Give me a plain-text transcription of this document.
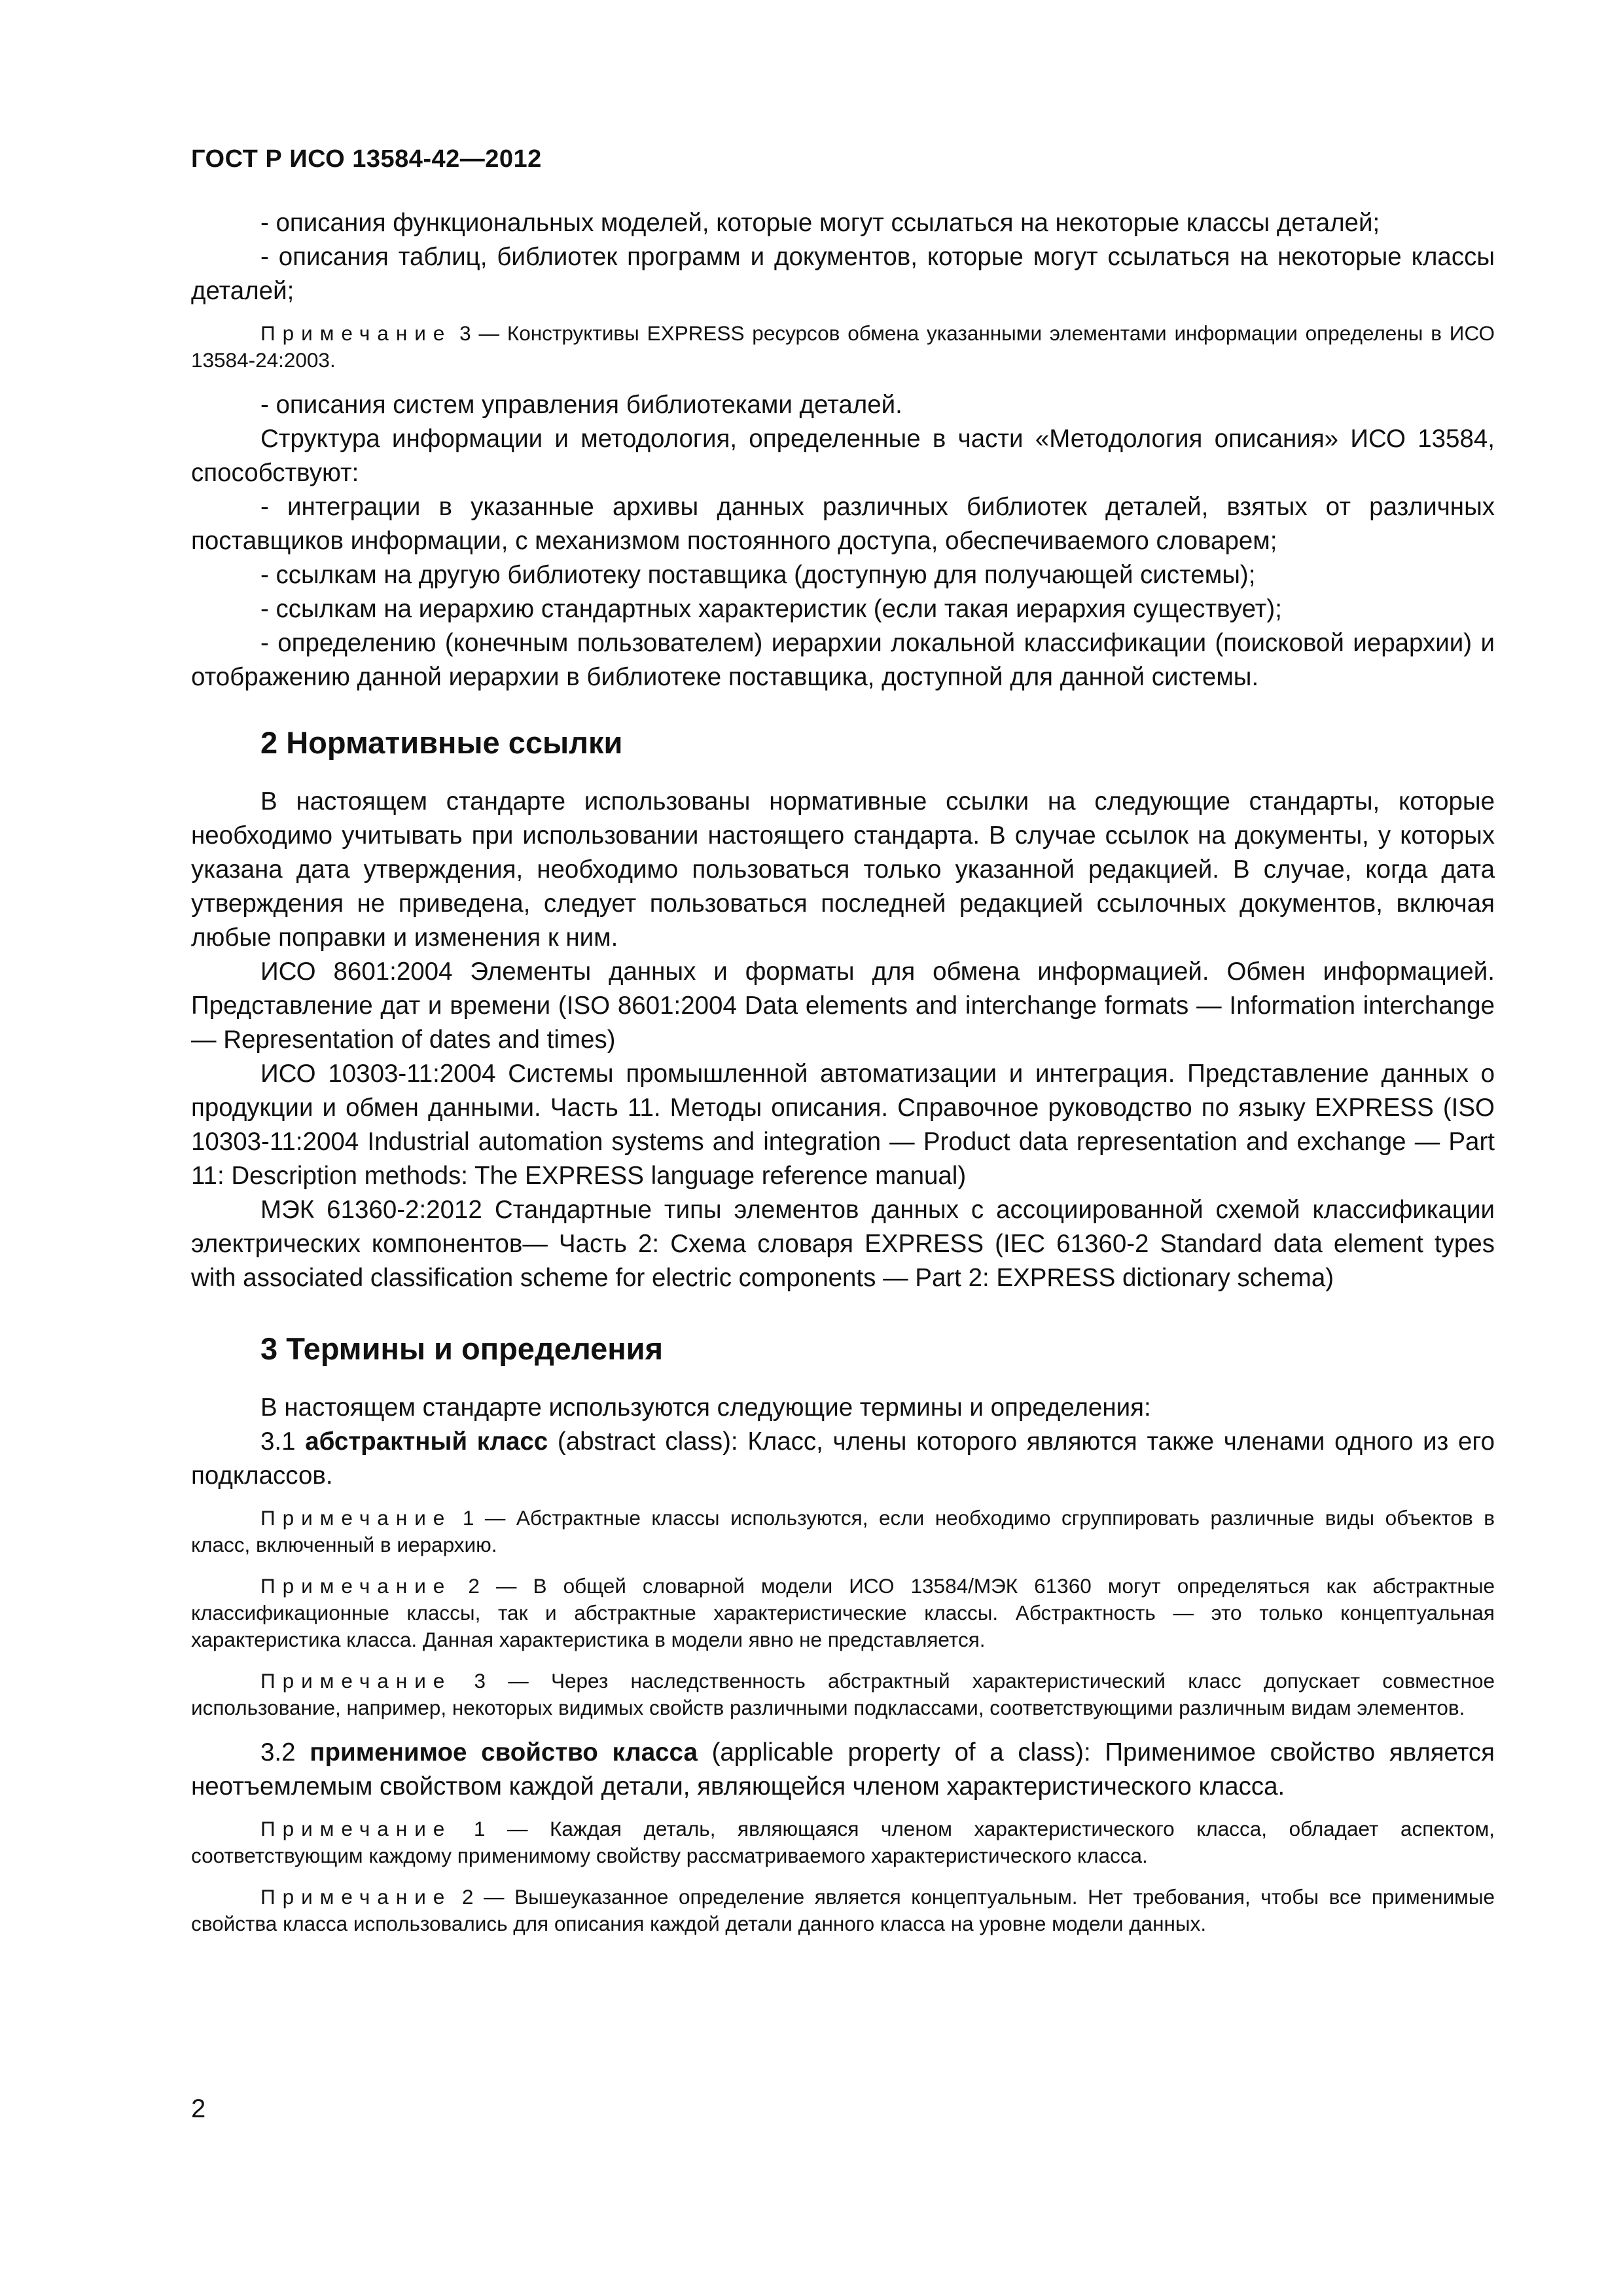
ГОСТ Р ИСО 13584-42—2012

- описания функциональных моделей, которые могут ссылаться на некоторые классы деталей;

- описания таблиц, библиотек программ и документов, которые могут ссылаться на некоторые классы деталей;

Примечание 3 — Конструктивы EXPRESS ресурсов обмена указанными элементами информации определены в ИСО 13584-24:2003.

- описания систем управления библиотеками деталей.

Структура информации и методология, определенные в части «Методология описания» ИСО 13584, способствуют:

- интеграции в указанные архивы данных различных библиотек деталей, взятых от различных поставщиков информации, с механизмом постоянного доступа, обеспечиваемого словарем;

- ссылкам на другую библиотеку поставщика (доступную для получающей системы);

- ссылкам на иерархию стандартных характеристик (если такая иерархия существует);

- определению (конечным пользователем) иерархии локальной классификации (поисковой иерархии) и отображению данной иерархии в библиотеке поставщика, доступной для данной системы.

2 Нормативные ссылки

В настоящем стандарте использованы нормативные ссылки на следующие стандарты, которые необходимо учитывать при использовании настоящего стандарта. В случае ссылок на документы, у которых указана дата утверждения, необходимо пользоваться только указанной редакцией. В случае, когда дата утверждения не приведена, следует пользоваться последней редакцией ссылочных документов, включая любые поправки и изменения к ним.

ИСО 8601:2004 Элементы данных и форматы для обмена информацией. Обмен информацией. Представление дат и времени (ISO 8601:2004 Data elements and interchange formats — Information interchange — Representation of dates and times)

ИСО 10303-11:2004 Системы промышленной автоматизации и интеграция. Представление данных о продукции и обмен данными. Часть 11. Методы описания. Справочное руководство по языку EXPRESS (ISO 10303-11:2004 Industrial automation systems and integration — Product data representation and exchange — Part 11: Description methods: The EXPRESS language reference manual)

МЭК 61360-2:2012 Стандартные типы элементов данных с ассоциированной схемой классификации электрических компонентов— Часть 2: Схема словаря EXPRESS (IEC 61360-2 Standard data element types with associated classification scheme for electric components — Part 2: EXPRESS dictionary schema)

3 Термины и определения

В настоящем стандарте используются следующие термины и определения:

3.1 абстрактный класс (abstract class): Класс, члены которого являются также членами одного из его подклассов.

Примечание 1 — Абстрактные классы используются, если необходимо сгруппировать различные виды объектов в класс, включенный в иерархию.

Примечание 2 — В общей словарной модели ИСО 13584/МЭК 61360 могут определяться как абстрактные классификационные классы, так и абстрактные характеристические классы. Абстрактность — это только концептуальная характеристика класса. Данная характеристика в модели явно не представляется.

Примечание 3 — Через наследственность абстрактный характеристический класс допускает совместное использование, например, некоторых видимых свойств различными подклассами, соответствующими различным видам элементов.

3.2 применимое свойство класса (applicable property of a class): Применимое свойство является неотъемлемым свойством каждой детали, являющейся членом характеристического класса.

Примечание 1 — Каждая деталь, являющаяся членом характеристического класса, обладает аспектом, соответствующим каждому применимому свойству рассматриваемого характеристического класса.

Примечание 2 — Вышеуказанное определение является концептуальным. Нет требования, чтобы все применимые свойства класса использовались для описания каждой детали данного класса на уровне модели данных.

2
